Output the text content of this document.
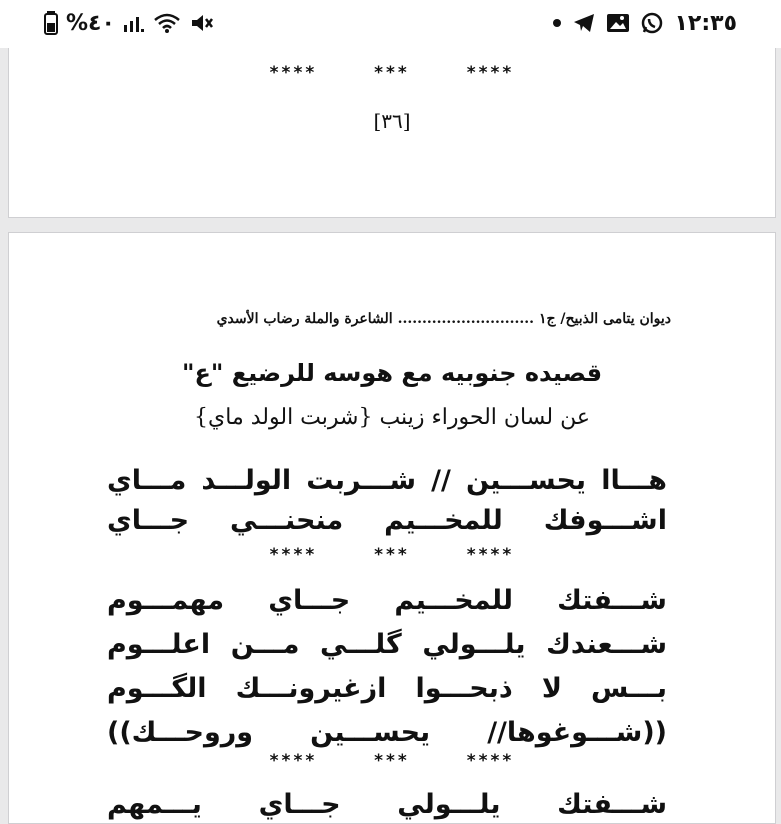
%٤٠	١٢:٣٥
**** *** ****
[٣٦]
ديوان يتامى الذبيح/ ج١ ............................ الشاعرة والملة رضاب الأسدي
قصيده جنوبيه مع هوسه للرضيع "ع"
عن لسان الحوراء زينب {شربت الولد ماي}
هـــاا يحســـين // شـــربت الولـــد مـــاي
اشـــوفك للمخـــيم منحنـــي جـــاي
**** *** ****
شـــفتك للمخـــيم جـــاي مهمـــوم
شـــعندك يلـــولي گلـــي مـــن اعلـــوم
بـــس لا ذبحـــوا ازغيرونـــك الگـــوم
((شـــوغوها// يحســـين وروحـــك))
**** *** ****
شـــفتك يلـــولي جـــاي يـــمهم
